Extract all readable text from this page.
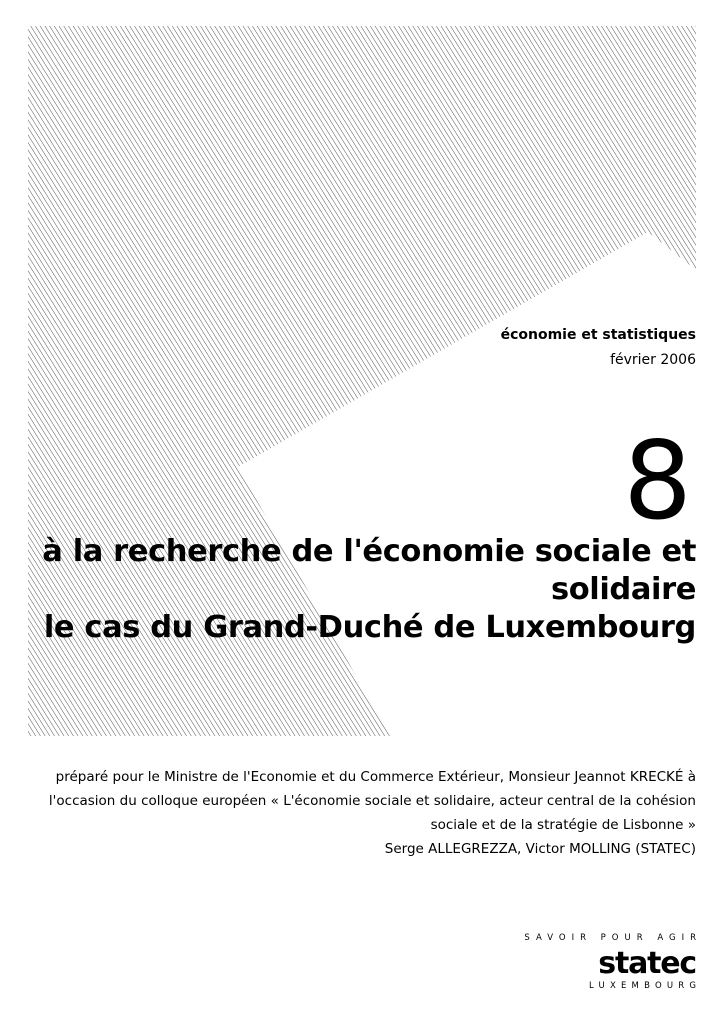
économie et statistiques
février 2006
8
à la recherche de l'économie sociale et
solidaire
le cas du Grand-Duché de Luxembourg
préparé pour le Ministre de l'Economie et du Commerce Extérieur, Monsieur Jeannot KRECKÉ à
l'occasion du colloque européen « L'économie sociale et solidaire, acteur central de la cohésion
sociale et de la stratégie de Lisbonne »
Serge ALLEGREZZA, Victor MOLLING (STATEC)
SAVOIR POUR AGIR
statec
LUXEMBOURG
